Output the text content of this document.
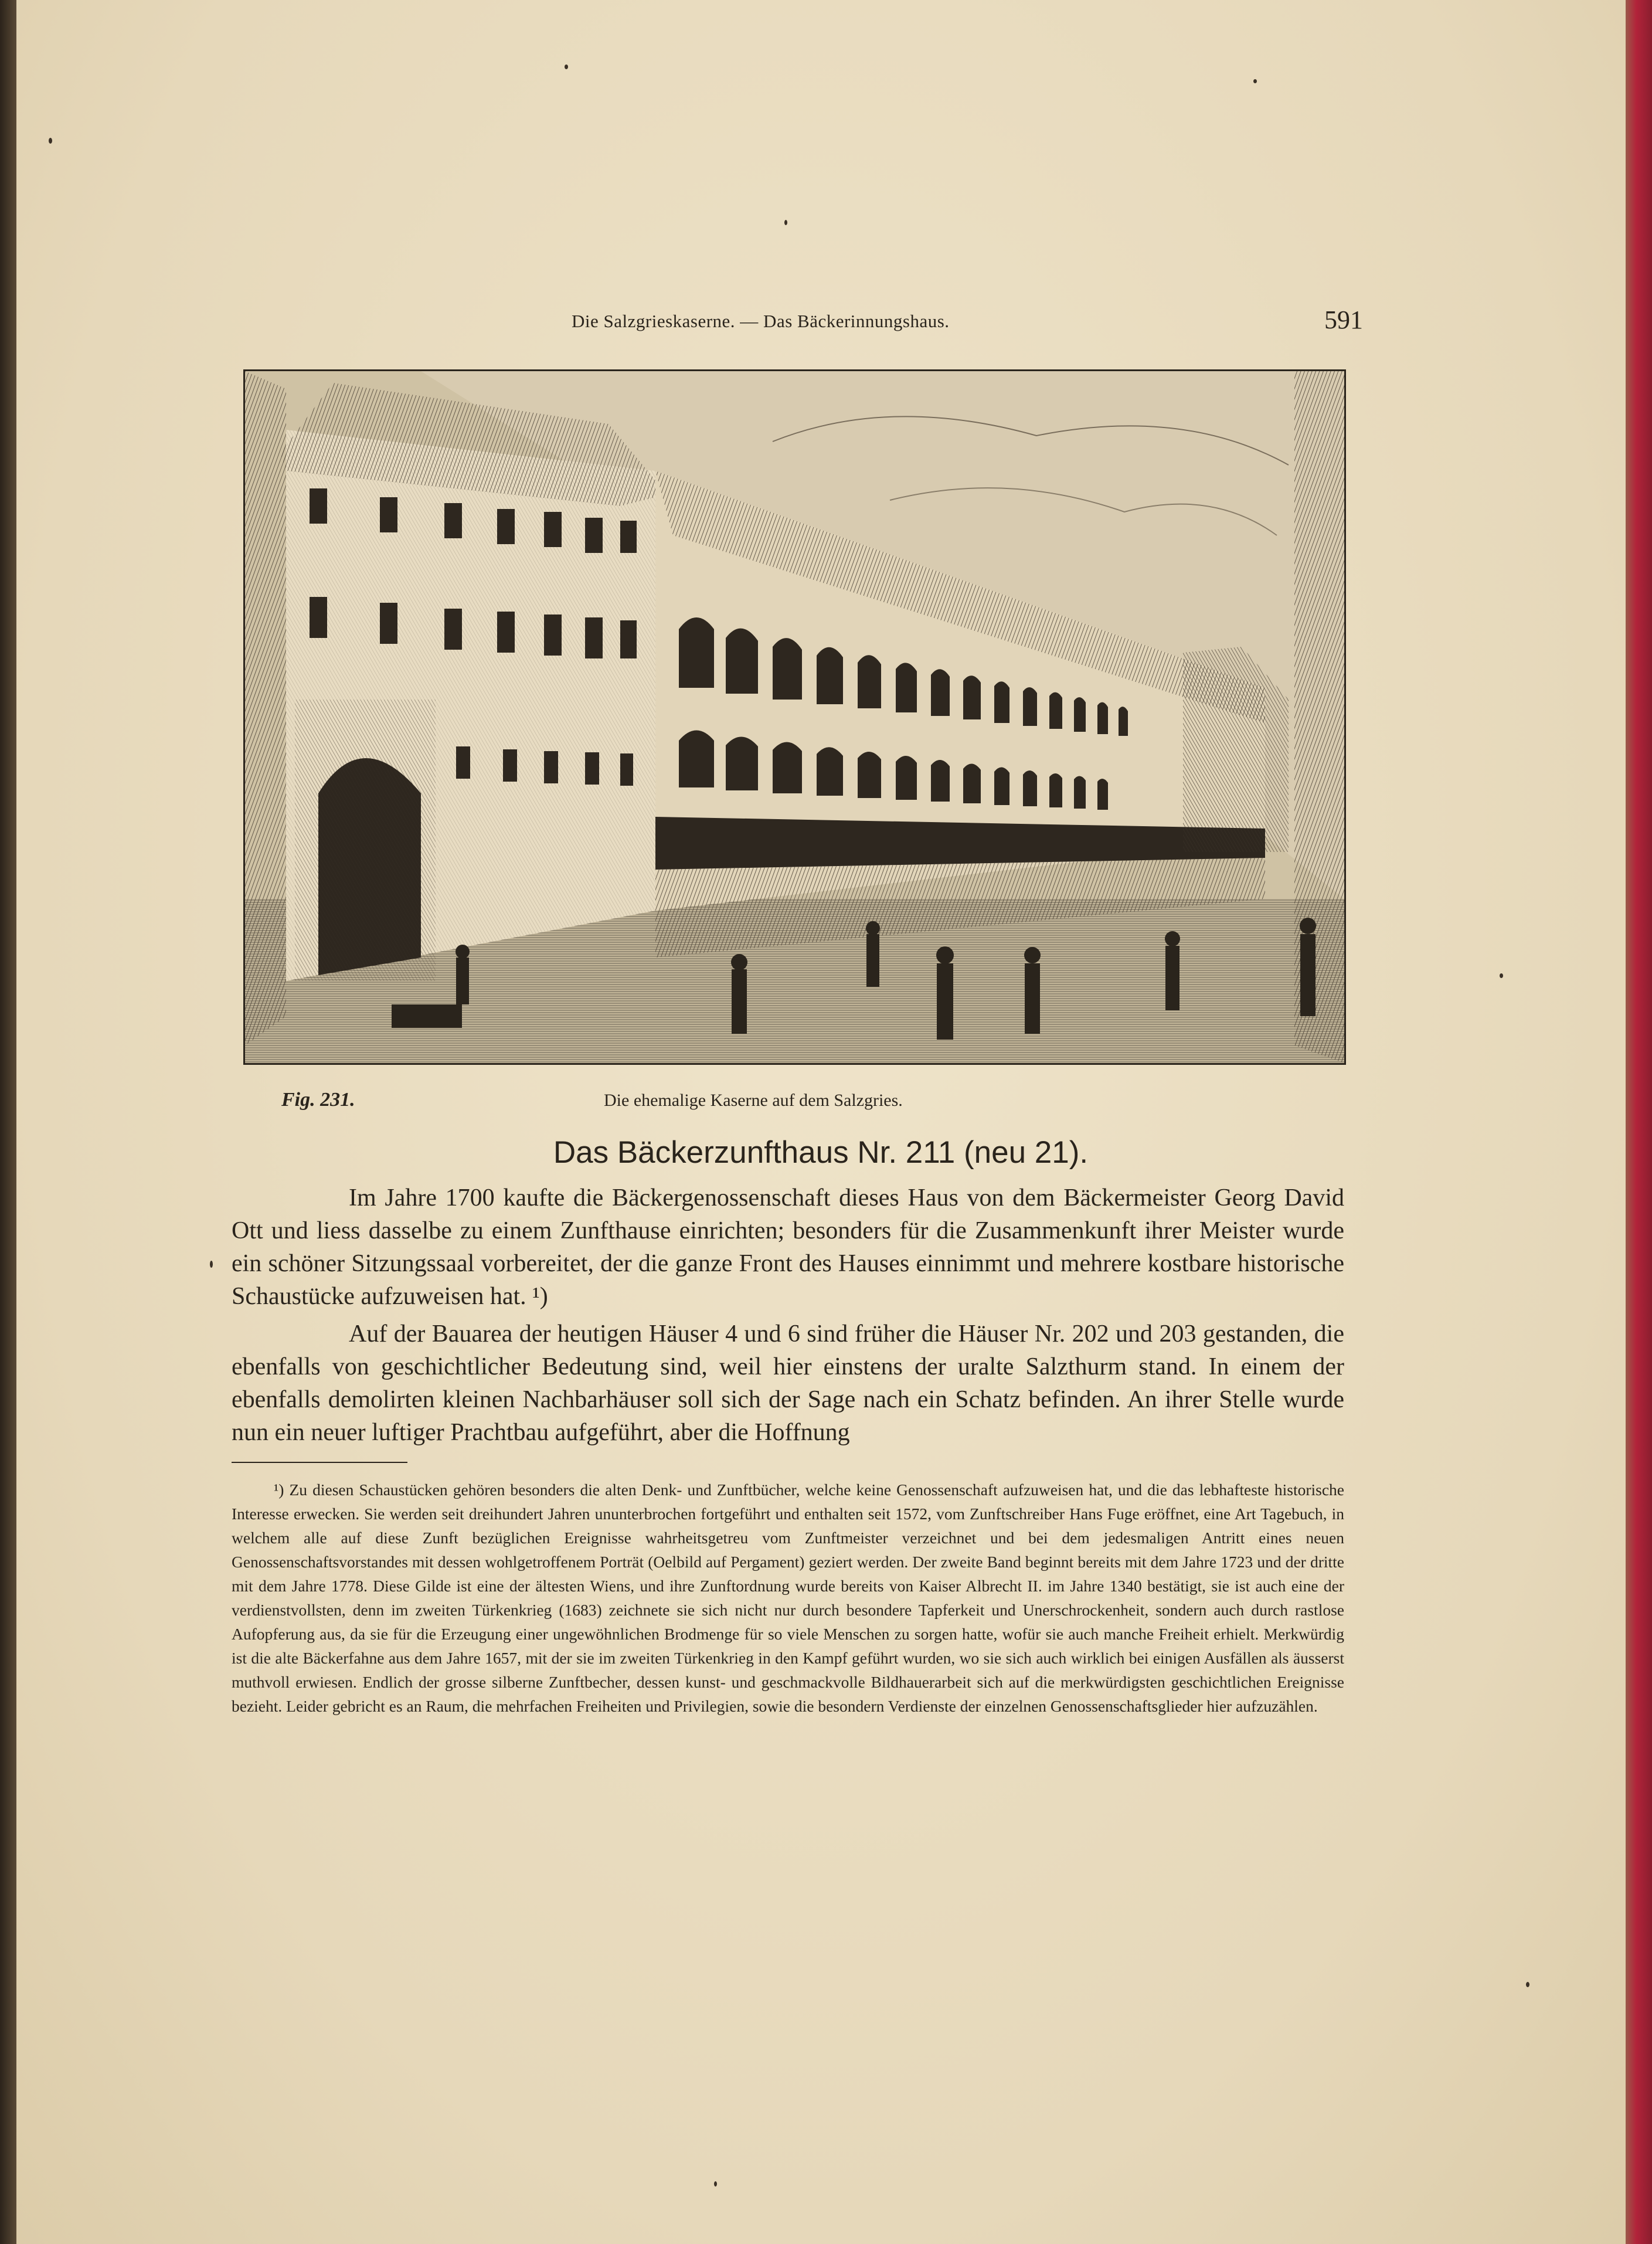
Die Salzgrieskaserne. — Das Bäckerinnungshaus.	591
Fig. 231.	Die ehemalige Kaserne auf dem Salzgries.
Das Bäckerzunfthaus Nr. 211 (neu 21).

Im Jahre 1700 kaufte die Bäckergenossenschaft dieses Haus von dem Bäckermeister Georg David Ott und liess dasselbe zu einem Zunfthause einrichten; besonders für die Zusammenkunft ihrer Meister wurde ein schöner Sitzungssaal vorbereitet, der die ganze Front des Hauses einnimmt und mehrere kostbare historische Schaustücke aufzuweisen hat. ¹)

Auf der Bauarea der heutigen Häuser 4 und 6 sind früher die Häuser Nr. 202 und 203 gestanden, die ebenfalls von geschichtlicher Bedeutung sind, weil hier einstens der uralte Salzthurm stand. In einem der ebenfalls demolirten kleinen Nachbarhäuser soll sich der Sage nach ein Schatz befinden. An ihrer Stelle wurde nun ein neuer luftiger Prachtbau aufgeführt, aber die Hoffnung

¹) Zu diesen Schaustücken gehören besonders die alten Denk- und Zunftbücher, welche keine Genossenschaft aufzuweisen hat, und die das lebhafteste historische Interesse erwecken. Sie werden seit dreihundert Jahren ununterbrochen fortgeführt und enthalten seit 1572, vom Zunftschreiber Hans Fuge eröffnet, eine Art Tagebuch, in welchem alle auf diese Zunft bezüglichen Ereignisse wahrheitsgetreu vom Zunftmeister verzeichnet und bei dem jedesmaligen Antritt eines neuen Genossenschaftsvorstandes mit dessen wohlgetroffenem Porträt (Oelbild auf Pergament) geziert werden. Der zweite Band beginnt bereits mit dem Jahre 1723 und der dritte mit dem Jahre 1778. Diese Gilde ist eine der ältesten Wiens, und ihre Zunftordnung wurde bereits von Kaiser Albrecht II. im Jahre 1340 bestätigt, sie ist auch eine der verdienstvollsten, denn im zweiten Türkenkrieg (1683) zeichnete sie sich nicht nur durch besondere Tapferkeit und Unerschrockenheit, sondern auch durch rastlose Aufopferung aus, da sie für die Erzeugung einer ungewöhnlichen Brodmenge für so viele Menschen zu sorgen hatte, wofür sie auch manche Freiheit erhielt. Merkwürdig ist die alte Bäckerfahne aus dem Jahre 1657, mit der sie im zweiten Türkenkrieg in den Kampf geführt wurden, wo sie sich auch wirklich bei einigen Ausfällen als äusserst muthvoll erwiesen. Endlich der grosse silberne Zunftbecher, dessen kunst- und geschmackvolle Bildhauerarbeit sich auf die merkwürdigsten geschichtlichen Ereignisse bezieht. Leider gebricht es an Raum, die mehrfachen Freiheiten und Privilegien, sowie die besondern Verdienste der einzelnen Genossenschaftsglieder hier aufzuzählen.
